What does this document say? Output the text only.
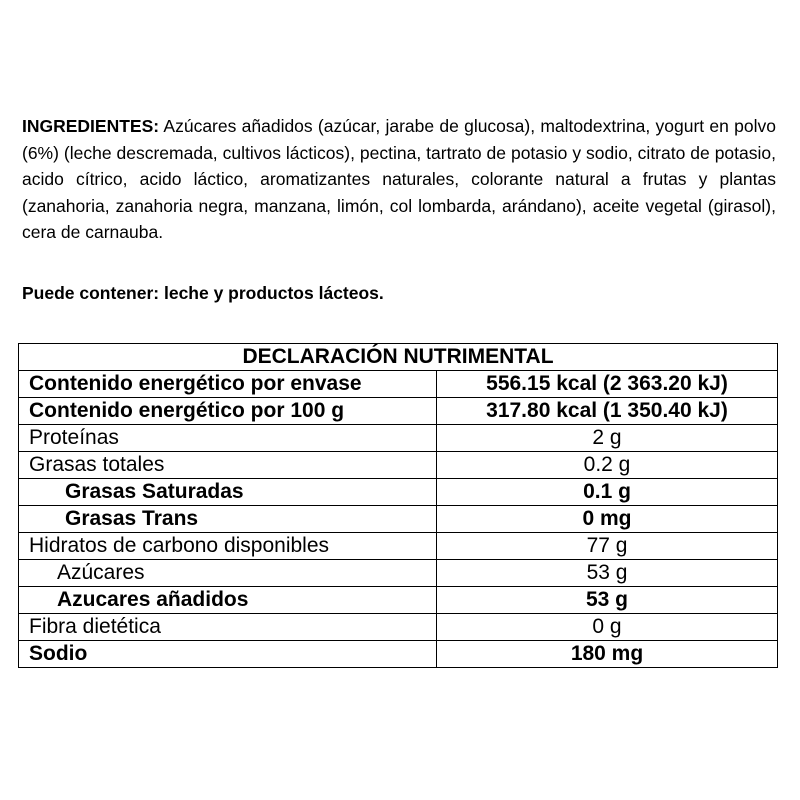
INGREDIENTES: Azúcares añadidos (azúcar, jarabe de glucosa), maltodextrina, yogurt en polvo (6%) (leche descremada, cultivos lácticos), pectina, tartrato de potasio y sodio, citrato de potasio, acido cítrico, acido láctico, aromatizantes naturales, colorante natural a frutas y plantas (zanahoria, zanahoria negra, manzana, limón, col lombarda, arándano), aceite vegetal (girasol), cera de carnauba.

Puede contener: leche y productos lácteos.

DECLARACIÓN NUTRIMENTAL	
Contenido energético por envase	556.15 kcal (2 363.20 kJ)
Contenido energético por 100 g	317.80 kcal (1 350.40 kJ)
Proteínas	2 g
Grasas totales	0.2 g
Grasas Saturadas	0.1 g
Grasas Trans	0 mg
Hidratos de carbono disponibles	77 g
Azúcares	53 g
Azucares añadidos	53 g
Fibra dietética	0 g
Sodio	180 mg
